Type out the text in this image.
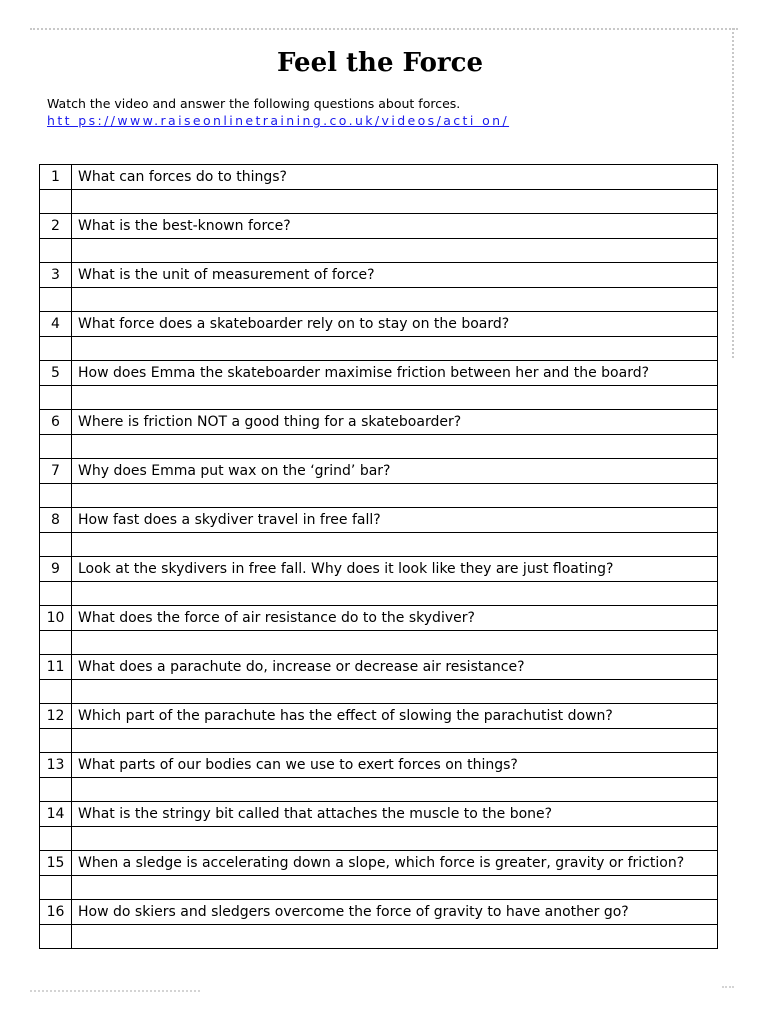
Feel the Force
Watch the video and answer the following questions about forces.
htt ps://www.raiseonlinetraining.co.uk/videos/acti on/
1	What can forces do to things?

2	What is the best-known force?

3	What is the unit of measurement of force?

4	What force does a skateboarder rely on to stay on the board?

5	How does Emma the skateboarder maximise friction between her and the board?

6	Where is friction NOT a good thing for a skateboarder?

7	Why does Emma put wax on the ‘grind’ bar?

8	How fast does a skydiver travel in free fall?

9	Look at the skydivers in free fall. Why does it look like they are just floating?

10	What does the force of air resistance do to the skydiver?

11	What does a parachute do, increase or decrease air resistance?

12	Which part of the parachute has the effect of slowing the parachutist down?

13	What parts of our bodies can we use to exert forces on things?

14	What is the stringy bit called that attaches the muscle to the bone?

15	When a sledge is accelerating down a slope, which force is greater, gravity or friction?

16	How do skiers and sledgers overcome the force of gravity to have another go?
